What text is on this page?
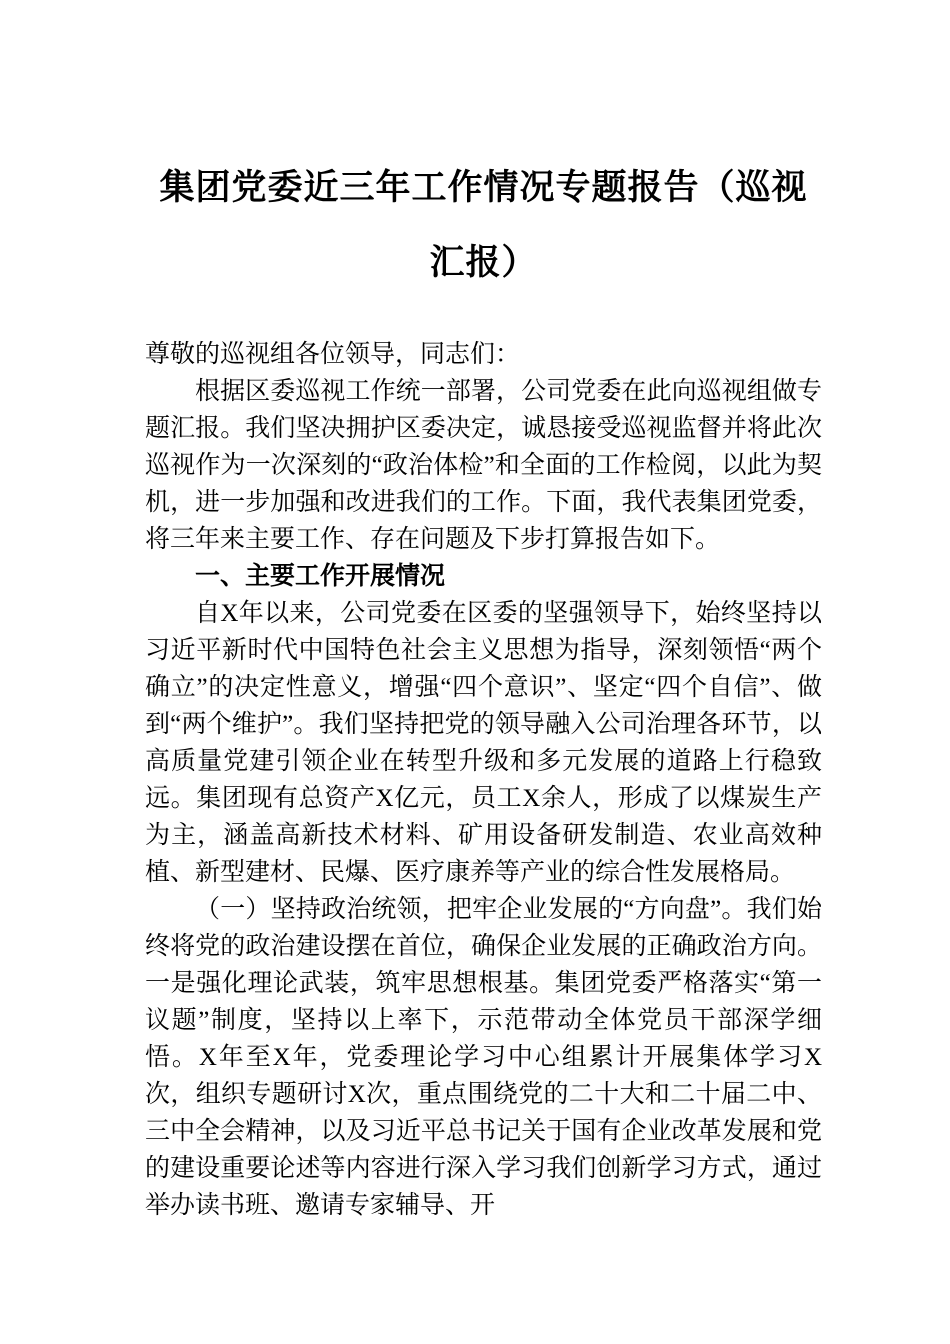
集团党委近三年工作情况专题报告（巡视
汇报）

尊敬的巡视组各位领导，同志们：

根据区委巡视工作统一部署，公司党委在此向巡视组做专题汇报。我们坚决拥护区委决定，诚恳接受巡视监督并将此次巡视作为一次深刻的“政治体检”和全面的工作检阅，以此为契机，进一步加强和改进我们的工作。下面，我代表集团党委，将三年来主要工作、存在问题及下步打算报告如下。

一、主要工作开展情况

自X年以来，公司党委在区委的坚强领导下，始终坚持以习近平新时代中国特色社会主义思想为指导，深刻领悟“两个确立”的决定性意义，增强“四个意识”、坚定“四个自信”、做到“两个维护”。我们坚持把党的领导融入公司治理各环节，以高质量党建引领企业在转型升级和多元发展的道路上行稳致远。集团现有总资产X亿元，员工X余人，形成了以煤炭生产为主，涵盖高新技术材料、矿用设备研发制造、农业高效种植、新型建材、民爆、医疗康养等产业的综合性发展格局。

（一）坚持政治统领，把牢企业发展的“方向盘”。我们始终将党的政治建设摆在首位，确保企业发展的正确政治方向。一是强化理论武装，筑牢思想根基。集团党委严格落实“第一议题”制度，坚持以上率下，示范带动全体党员干部深学细悟。X年至X年，党委理论学习中心组累计开展集体学习X次，组织专题研讨X次，重点围绕党的二十大和二十届二中、三中全会精神，以及习近平总书记关于国有企业改革发展和党的建设重要论述等内容进行深入学习我们创新学习方式，通过举办读书班、邀请专家辅导、开
